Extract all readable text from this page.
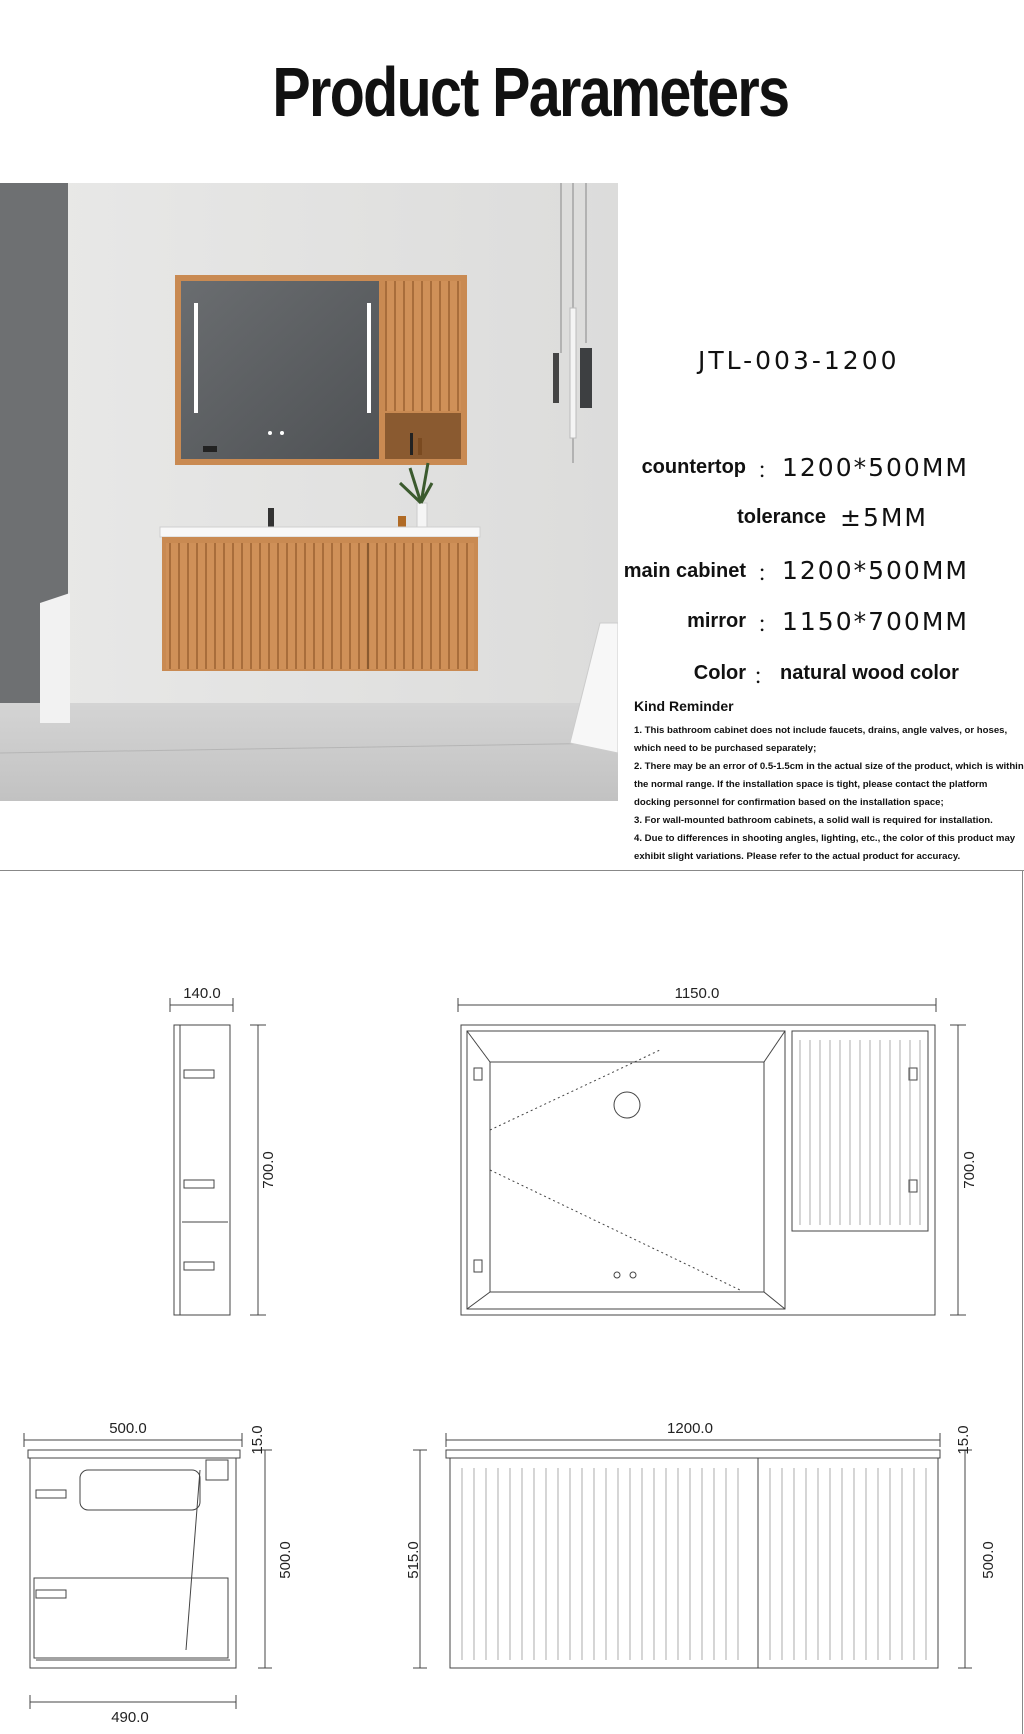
Product Parameters
JTL-003-1200
countertop ： 1200*500MM
tolerance ±5MM
main cabinet ： 1200*500MM
mirror ： 1150*700MM
Color ： natural wood color
Kind Reminder

1. This bathroom cabinet does not include faucets, drains, angle valves, or hoses, which need to be purchased separately;

2. There may be an error of 0.5-1.5cm in the actual size of the product, which is within the normal range. If the installation space is tight, please contact the platform docking personnel for confirmation based on the installation space;

3. For wall-mounted bathroom cabinets, a solid wall is required for installation.

4. Due to differences in shooting angles, lighting, etc., the color of this product may exhibit slight variations. Please refer to the actual product for accuracy.

140.0
700.0
1150.0
700.0
500.0	15.0
500.0
490.0
1200.0	15.0
515.0	500.0
